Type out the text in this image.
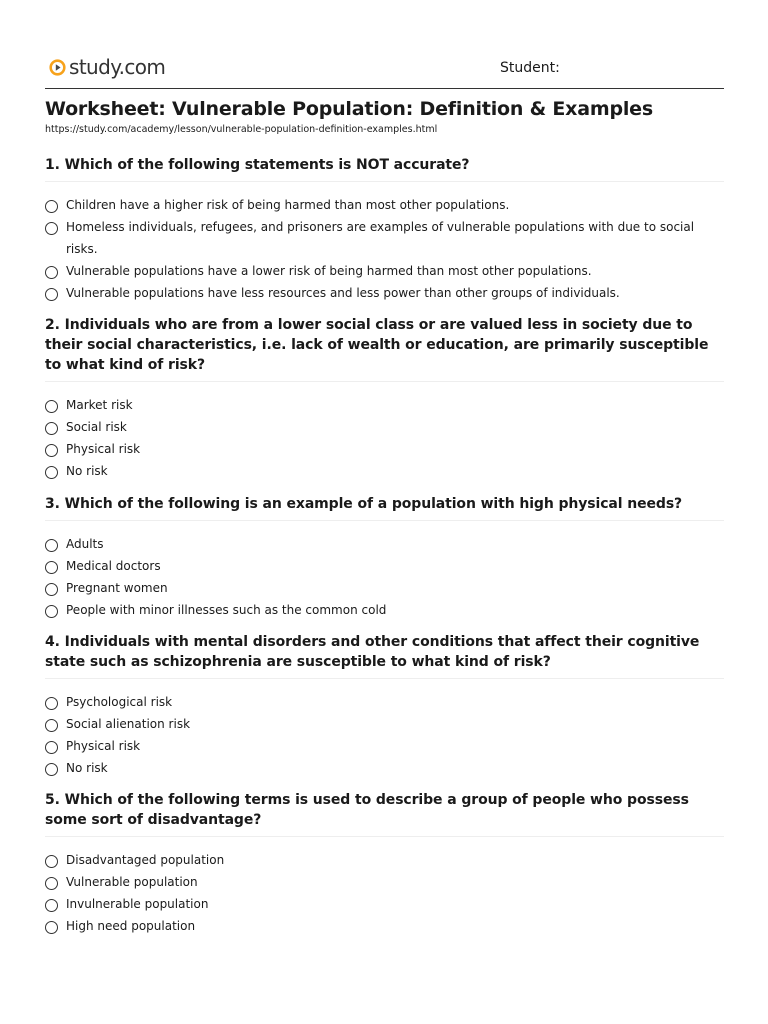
study.com	Student:
Worksheet: Vulnerable Population: Definition & Examples
https://study.com/academy/lesson/vulnerable-population-definition-examples.html
1. Which of the following statements is NOT accurate?
Children have a higher risk of being harmed than most other populations.
Homeless individuals, refugees, and prisoners are examples of vulnerable populations with due to social risks.
Vulnerable populations have a lower risk of being harmed than most other populations.
Vulnerable populations have less resources and less power than other groups of individuals.
2. Individuals who are from a lower social class or are valued less in society due to their social characteristics, i.e. lack of wealth or education, are primarily susceptible to what kind of risk?
Market risk
Social risk
Physical risk
No risk
3. Which of the following is an example of a population with high physical needs?
Adults
Medical doctors
Pregnant women
People with minor illnesses such as the common cold
4. Individuals with mental disorders and other conditions that affect their cognitive state such as schizophrenia are susceptible to what kind of risk?
Psychological risk
Social alienation risk
Physical risk
No risk
5. Which of the following terms is used to describe a group of people who possess some sort of disadvantage?
Disadvantaged population
Vulnerable population
Invulnerable population
High need population
